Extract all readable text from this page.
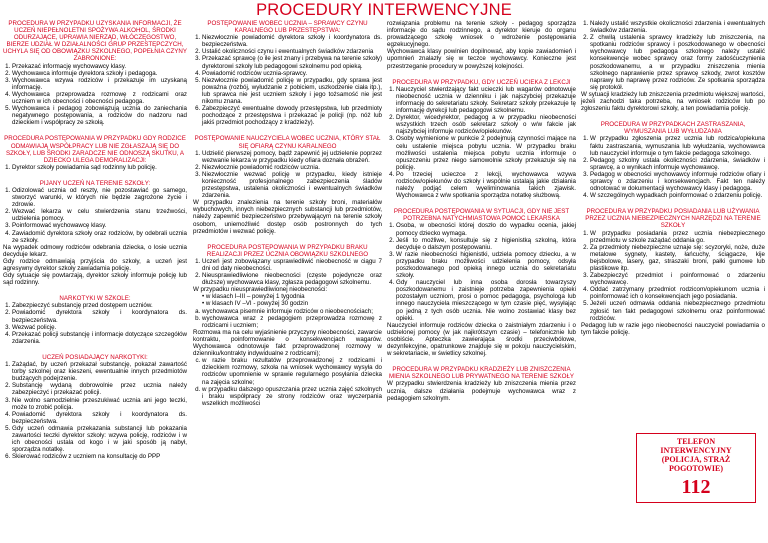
PROCEDURY INTERWENCYJNE
PROCEDURA W PRZYPADKU UZYSKANIA INFORMACJI, ŻE UCZEŃ NIEPEŁNOLETNI SPOŻYWA ALKOHOL, ŚRODKI ODURZAJĄCE, UPRAWIA NIERZĄD, WŁÓCZĘGOSTWO, BIERZE UDZIAŁ W DZIAŁALNOŚCI GRUP PRZESTĘPCZYCH, UCHYLA SIĘ OD OBOWIĄZKU SZKOLNEGO, POPEŁNIA CZYNY ZABRONIONE:
1. Przekazać informację wychowawcy klasy.
2. Wychowawca informuje dyrektora szkoły i pedagoga.
3. Wychowawca wzywa rodziców i przekazuje im uzyskaną informację.
4. Wychowawca przeprowadza rozmowę z rodzicami oraz uczniem w ich obecności i obecności pedagoga.
5. Wychowawca i pedagog zobowiązują ucznia do zaniechania negatywnego postępowania, a rodziców do nadzoru nad dzieckiem i współpracy ze szkołą.
PROCEDURA POSTĘPOWANIA W PRZYPADKU GDY RODZICE ODMAWIAJĄ WSPÓŁPRACY LUB NIE ZGŁASZAJĄ SIĘ DO SZKOŁY, LUB ŚRODKI ZARADCZE NIE ODNOSZĄ SKUTKU, A DZIECKO ULEGA DEMORALIZACJI:
1. Dyrektor szkoły powiadamia sąd rodzinny lub policję.
PIJANY UCZEŃ NA TERENIE SZKOŁY:
1. Odizolować ucznia od reszty, nie pozostawiać go samego, stworzyć warunki, w których nie będzie zagrożone życie i zdrowie.
2. Wezwać lekarza w celu stwierdzenia stanu trzeźwości, udzielenia pomocy.
3. Poinformować wychowawcę klasy.
4. Zawiadomić dyrektora szkoły oraz rodziców, by odebrali ucznia ze szkoły.

Na wypadek odmowy rodziców odebrania dziecka, o losie ucznia decyduje lekarz.

Gdy rodzice odmawiają przyjścia do szkoły, a uczeń jest agresywny dyrektor szkoły zawiadamia policję.

Gdy sytuacje się powtarzają, dyrektor szkoły informuje policję lub sąd rodzinny.

NARKOTYKI W SZKOLE:
1. Zabezpieczyć substancję przed dostępem uczniów.
2. Powiadomić dyrektora szkoły i koordynatora ds. bezpieczeństwa.
3. Wezwać policję.
4. Przekazać policji substancję i informacje dotyczące szczegółów zdarzenia.
UCZEŃ POSIADAJĄCY NARKOTYKI:
1. Zażądać, by uczeń przekazał substancję, pokazał zawartość torby szkolnej oraz kieszeni, ewentualnie innych przedmiotów budzących podejrzenie.
2. Substancję wydaną dobrowolnie przez ucznia należy zabezpieczyć i przekazać policji.
3. Nie wolno samodzielnie przeszukiwać ucznia ani jego teczki, może to zrobić policja.
4. Powiadomić dyrektora szkoły i koordynatora ds. bezpieczeństwa.
5. Gdy uczeń odmawia przekazania substancji lub pokazania zawartości teczki dyrektor szkoły: wzywa policję, rodziców i w ich obecności ustala od kogo i w jaki sposób ją nabył, sporządza notatkę.
6. Skierować rodziców z uczniem na konsultację do PPP
POSTĘPOWANIE WOBEC UCZNIA – SPRAWCY CZYNU KARALNEGO LUB PRZESTĘPSTWA:
1. Niezwłocznie powiadomić dyrektora szkoły i koordynatora ds. bezpieczeństwa.
2. Ustalić okoliczności czynu i ewentualnych świadków zdarzenia
3. Przekazać sprawcę (o ile jest znany i przebywa na terenie szkoły) dyrektorowi szkoły lub pedagogowi szkolnemu pod opieką.
4. Powiadomić rodziców ucznia-sprawcy.
5. Niezwłocznie powiadomić policję w przypadku, gdy sprawa jest poważna (rozbój, wyłudzanie z pobiciem, uszkodzenie ciała itp.), lub sprawca nie jest uczniem szkoły i jego tożsamość nie jest nikomu znana.
6. Zabezpieczyć ewentualne dowody przestępstwa, lub przedmioty pochodzące z przestępstwa i przekazać je policji (np. nóż lub jakiś przedmiot pochodzący z kradzieży).
POSTĘPOWANIE NAUCZYCIELA WOBEC UCZNIA, KTÓRY STAŁ SIĘ OFIARĄ CZYNU KARALNEGO
1. Udzielić pierwszej pomocy, bądź zapewnić jej udzielenie poprzez wezwanie lekarza w przypadku kiedy ofiara doznała obrażeń.
2. Niezwłocznie powiadomić rodziców ucznia.
3. Niezwłocznie wezwać policję w przypadku, kiedy istnieje konieczność profesjonalnego zabezpieczenia śladów przestępstwa, ustalenia okoliczności i ewentualnych świadków zdarzenia.

W przypadku znalezienia na terenie szkoły broni, materiałów wybuchowych, innych niebezpiecznych substancji lub przedmiotów, należy zapewnić bezpieczeństwo przebywającym na terenie szkoły osobom, uniemożliwić dostęp osób postronnych do tych przedmiotów i wezwać policję.

PROCEDURA POSTĘPOWANIA W PRZYPADKU BRAKU REALIZACJI PRZEZ UCZNIA OBOWIĄZKU SZKOLNEGO
1. Uczeń jest zobowiązany usprawiedliwić nieobecność w ciągu 7 dni od daty nieobecności.
2. Nieusprawiedliwione nieobecności (częste pojedyncze oraz dłuższe) wychowawca klasy, zgłasza pedagogowi szkolnemu.

W przypadku nieusprawiedliwionej nieobecności:

• w klasach I–III – powyżej 1 tygodnia
• w klasach IV –VI - powyżej 30 godzin
a. wychowawca pisemnie informuje rodziców o nieobecnościach;
b. wychowawca wraz z pedagogiem przeprowadza rozmowę z rodzicami i uczniem;

Rozmowa ma na celu wyjaśnienie przyczyny nieobecności, zawarcie kontraktu, poinformowanie o konsekwencjach wagarów. Wychowawca odnotowuje fakt przeprowadzonej rozmowy w dzienniku/kontrakty indywidualne z rodzicami);

c. w razie braku rezultatów przeprowadzonej z rodzicami i dzieckiem rozmowy, szkoła na wniosek wychowawcy wysyła do rodziców upomnienie w sprawie regularnego posyłania dziecka na zajęcia szkolne;
d. w przypadku dalszego opuszczania przez ucznia zajęć szkolnych i braku współpracy ze strony rodziców oraz wyczerpania wszelkich możliwości

rozwiązania problemu na terenie szkoły - pedagog sporządza informacje do sądu rodzinnego, a dyrektor kieruje do organu prowadzącego szkołę wniosek o wdrożenie postępowania egzekucyjnego.

Wychowawca klasy powinien dopilnować, aby kopie zawiadomień i upomnień znalazły się w teczce wychowawcy. Konieczne jest przestrzeganie procedury w powyższej kolejności.

PROCEDURA W PRZYPADKU, GDY UCZEŃ UCIEKA Z LEKCJI
1. Nauczyciel stwierdzający fakt ucieczki lub wagarów odnotowuje nieobecność ucznia w dzienniku i jak najszybciej przekazuje informację do sekretariatu szkoły. Sekretarz szkoły przekazuje tę informację dyrekcji lub pedagogowi szkolnemu.
2. Dyrektor, wicedyrektor, pedagog a w przypadku nieobecności wszystkich trzech osób sekretarz szkoły o w/w fakcie jak najszybciej informuje rodziców/opiekunów.
3. Osoby wymienione w punkcie 2 podejmują czynności mające na celu ustalenie miejsca pobytu ucznia. W przypadku braku możliwości ustalenia miejsca pobytu ucznia informuje o opuszczeniu przez niego samowolnie szkoły przekazuje się na policję.
4. Po trzeciej ucieczce z lekcji, wychowawca wzywa rodziców/opiekunów do szkoły i wspólnie ustalają jakie działania należy podjąć celem wyeliminowania takich zjawisk. Wychowawca z w/w spotkania sporządza notatkę służbową.
PROCEDURA POSTĘPOWANIA W SYTUACJI, GDY NIE JEST POTRZEBNA NATYCHMIASTOWA POMOC LEKARSKA
1. Osoba, w obecności której doszło do wypadku ocenia, jakiej pomocy dziecko wymaga.
2. Jeśli to możliwe, konsultuje się z higienistką szkolną, która decyduje o dalszym postępowaniu.
3. W razie nieobecności higienistki, udziela pomocy dziecku, a w przypadku braku możliwości udzielenia pomocy, odsyła poszkodowanego pod opieką innego ucznia do sekretariatu szkoły.
4. Gdy nauczyciel lub inna osoba dorosła towarzyszy poszkodowanemu i zaistnieje potrzeba zapewnienia opieki pozostałym uczniom, prosi o pomoc pedagoga, psychologa lub innego nauczyciela mieszczącego w tym czasie pięć, wysyłając po jedną z tych osób ucznia. Nie wolno zostawiać klasy bez opieki.

Nauczyciel informuje rodziców dziecka o zaistniałym zdarzeniu i o udzielonej pomocy (w jak najkrótszym czasie) – telefonicznie lub osobiście. Apteczka zawierająca środki przeciwbólowe, dezynfekcyjne, opatrunkowe znajduje się w pokoju nauczycielskim, w sekretariacie, w świetlicy szkolnej.

PROCEDURA W PRZYPADKU KRADZIEŻY LUB ZNISZCZENIA MIENIA SZKOLNEGO LUB PRYWATNEGO NA TERENIE SZKOŁY

W przypadku stwierdzenia kradzieży lub zniszczenia mienia przez ucznia, dalsze działania podejmuje wychowawca wraz z pedagogiem szkolnym.

1. Należy ustalić wszystkie okoliczności zdarzenia i ewentualnych świadków zdarzenia.
2. Z chwilą ustalenia sprawcy kradzieży lub zniszczenia, na spotkaniu rodziców sprawcy i poszkodowanego w obecności wychowawcy lub pedagoga szkolnego należy ustalić konsekwencje wobec sprawcy oraz formy zadośćuczynienia poszkodowanemu, a w przypadku zniszczenia mienia szkolnego naprawienie przez sprawcę szkody, zwrot kosztów naprawy lub naprawę przez rodziców. Ze spotkania sporządza się protokół.

W sytuacji kradzieży lub zniszczenia przedmiotu większej wartości, jeżeli zachodzi taka potrzeba, na wniosek rodziców lub po zgłoszeniu faktu dyrektorowi szkoły, a ten powiadamia policję.

PROCEDURA W PRZYPADKACH ZASTRASZANIA, WYMUSZANIA LUB WYŁUDZANIA
1. W przypadku zgłoszenia przez ucznia lub rodzica/opiekuna faktu zastraszania, wymuszania lub wyłudzania, wychowawca lub nauczyciel informuje o tym fakcie pedagoga szkolnego.
2. Pedagog szkolny ustala okoliczności zdarzenia, świadków i sprawcę, a o wynikach informuje wychowawcę.
3. Pedagog w obecności wychowawcy informuje rodziców ofiary i sprawcy o zdarzeniu i konsekwencjach. Fakt ten należy odnotować w dokumentacji wychowawcy klasy i pedagoga.
4. W szczególnych wypadkach poinformować o zdarzeniu policję.
PROCEDURA W PRZYPADKU POSIADANIA LUB UŻYWANIA PRZEZ UCZNIA NIEBEZPIECZNYCH NARZĘDZI NA TERENIE SZKOŁY
1. W przypadku posiadania przez ucznia niebezpiecznego przedmiotu w szkole zażądać oddania go.
2. Za przedmioty niebezpieczne uznaje się: scyzoryki, noże, duże metalowe sygnety, kastety, łańcuchy, ściągacze, kije bejsbolowe, lasery, gaz, straszaki broni, pałki gumowe lub plastikowe itp.
3. Zabezpieczyć przedmiot i poinformować o zdarzeniu wychowawcę.
4. Oddać zatrzymany przedmiot rodzicom/opiekunom ucznia i poinformować ich o konsekwencjach jego posiadania.
5. Jeżeli uczeń odmawia oddania niebezpiecznego przedmiotu zgłosić ten fakt pedagogowi szkolnemu oraz poinformować rodziców.

Pedagog lub w razie jego nieobecności nauczyciel powiadamia o tym fakcie policję.

TELEFON INTERWENCYJNY (POLICJA, STRAŻ POGOTOWIE)
112
